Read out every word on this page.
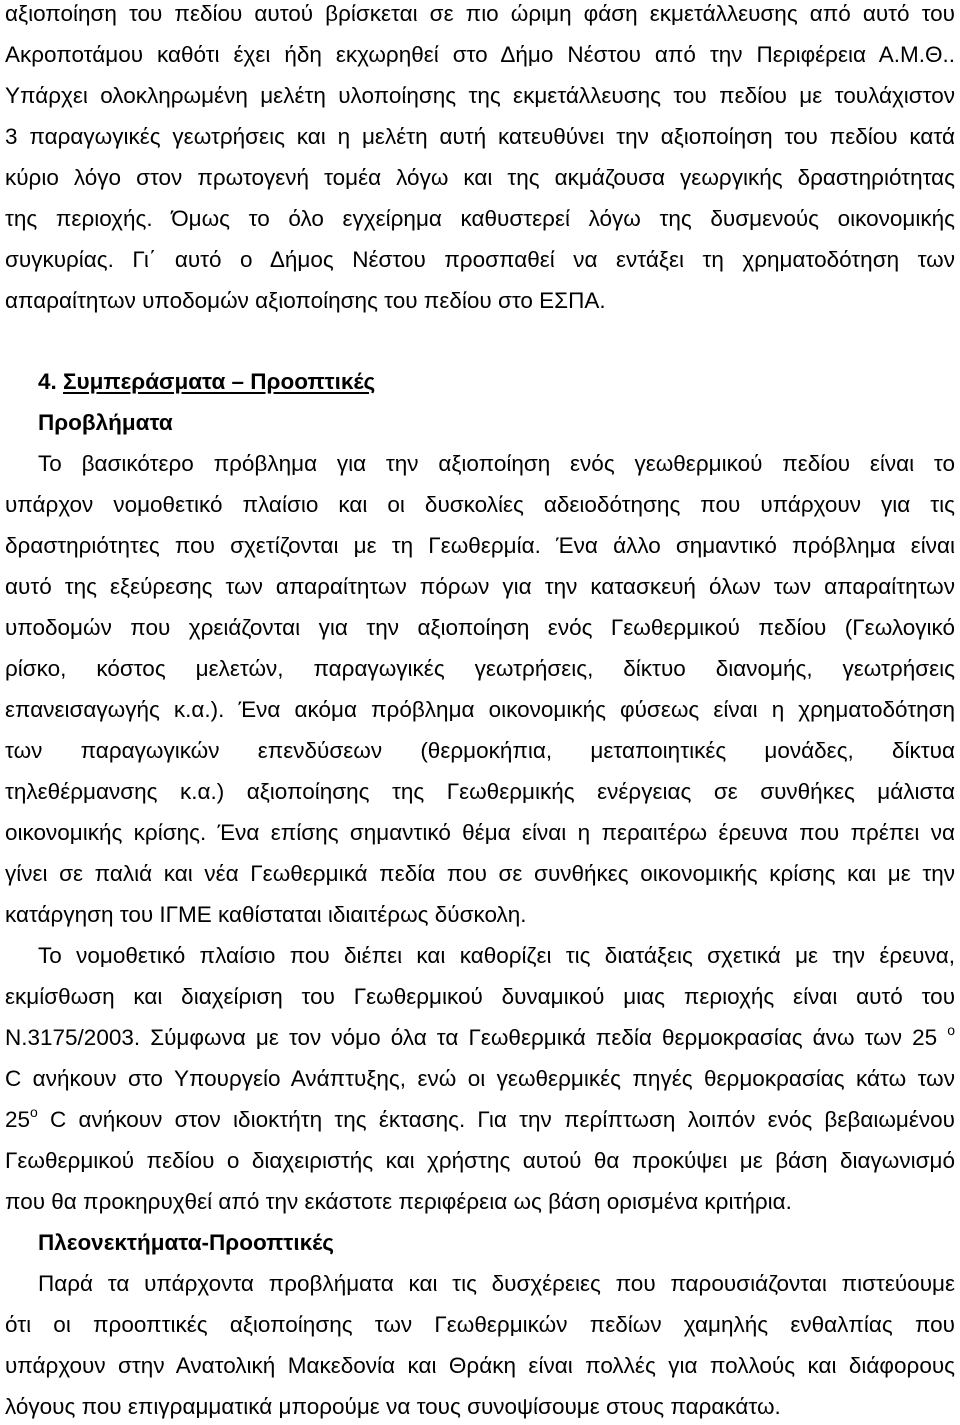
αξιοποίηση του πεδίου αυτού βρίσκεται σε πιο ώριμη φάση εκμετάλλευσης από αυτό του
Ακροποτάμου καθότι έχει ήδη εκχωρηθεί στο Δήμο Νέστου από την Περιφέρεια Α.Μ.Θ..
Υπάρχει ολοκληρωμένη μελέτη υλοποίησης της εκμετάλλευσης του πεδίου με τουλάχιστον
3 παραγωγικές γεωτρήσεις και η μελέτη αυτή κατευθύνει την αξιοποίηση του πεδίου κατά
κύριο λόγο στον πρωτογενή τομέα λόγω και της ακμάζουσα γεωργικής δραστηριότητας
της περιοχής. Όμως το όλο εγχείρημα καθυστερεί λόγω της δυσμενούς οικονομικής
συγκυρίας. Γι΄ αυτό ο Δήμος Νέστου προσπαθεί να εντάξει τη χρηματοδότηση των
απαραίτητων υποδομών αξιοποίησης του πεδίου στο ΕΣΠΑ.
4. Συμπεράσματα – Προοπτικές
Προβλήματα
Το βασικότερο πρόβλημα για την αξιοποίηση ενός γεωθερμικού πεδίου είναι το
υπάρχον νομοθετικό πλαίσιο και οι δυσκολίες αδειοδότησης που υπάρχουν για τις
δραστηριότητες που σχετίζονται με τη Γεωθερμία. Ένα άλλο σημαντικό πρόβλημα είναι
αυτό της εξεύρεσης των απαραίτητων πόρων για την κατασκευή όλων των απαραίτητων
υποδομών που χρειάζονται για την αξιοποίηση ενός Γεωθερμικού πεδίου (Γεωλογικό
ρίσκο, κόστος μελετών, παραγωγικές γεωτρήσεις, δίκτυο διανομής, γεωτρήσεις
επανεισαγωγής κ.α.). Ένα ακόμα πρόβλημα οικονομικής φύσεως είναι η χρηματοδότηση
των παραγωγικών επενδύσεων (θερμοκήπια, μεταποιητικές μονάδες, δίκτυα
τηλεθέρμανσης κ.α.) αξιοποίησης της Γεωθερμικής ενέργειας σε συνθήκες μάλιστα
οικονομικής κρίσης. Ένα επίσης σημαντικό θέμα είναι η περαιτέρω έρευνα που πρέπει να
γίνει σε παλιά και νέα Γεωθερμικά πεδία που σε συνθήκες οικονομικής κρίσης και με την
κατάργηση του ΙΓΜΕ καθίσταται ιδιαιτέρως δύσκολη.
Το νομοθετικό πλαίσιο που διέπει και καθορίζει τις διατάξεις σχετικά με την έρευνα,
εκμίσθωση και διαχείριση του Γεωθερμικού δυναμικού μιας περιοχής είναι αυτό του
Ν.3175/2003. Σύμφωνα με τον νόμο όλα τα Γεωθερμικά πεδία θερμοκρασίας άνω των 25 $^o$
C ανήκουν στο Υπουργείο Ανάπτυξης, ενώ οι γεωθερμικές πηγές θερμοκρασίας κάτω των
$25^o$ C ανήκουν στον ιδιοκτήτη της έκτασης. Για την περίπτωση λοιπόν ενός βεβαιωμένου
Γεωθερμικού πεδίου ο διαχειριστής και χρήστης αυτού θα προκύψει με βάση διαγωνισμό
που θα προκηρυχθεί από την εκάστοτε περιφέρεια ως βάση ορισμένα κριτήρια.
Πλεονεκτήματα-Προοπτικές
Παρά τα υπάρχοντα προβλήματα και τις δυσχέρειες που παρουσιάζονται πιστεύουμε
ότι οι προοπτικές αξιοποίησης των Γεωθερμικών πεδίων χαμηλής ενθαλπίας που
υπάρχουν στην Ανατολική Μακεδονία και Θράκη είναι πολλές για πολλούς και διάφορους
λόγους που επιγραμματικά μπορούμε να τους συνοψίσουμε στους παρακάτω.
